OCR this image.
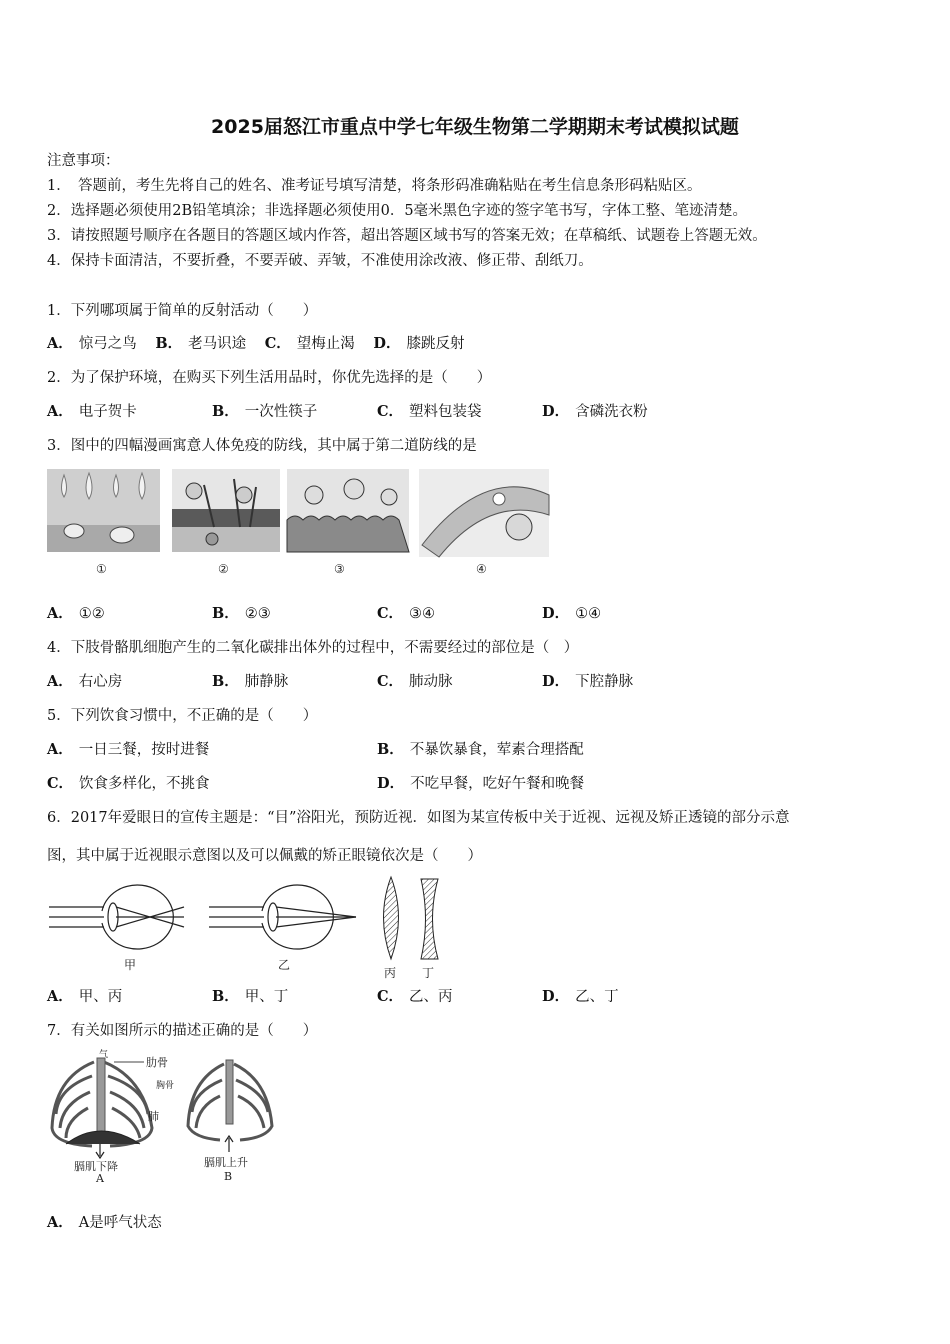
2025届怒江市重点中学七年级生物第二学期期末考试模拟试题
注意事项：
1．　答题前，考生先将自己的姓名、准考证号填写清楚，将条形码准确粘贴在考生信息条形码粘贴区。
2．选择题必须使用2B铅笔填涂；非选择题必须使用0．5毫米黑色字迹的签字笔书写，字体工整、笔迹清楚。
3．请按照题号顺序在各题目的答题区域内作答，超出答题区域书写的答案无效；在草稿纸、试题卷上答题无效。
4．保持卡面清洁，不要折叠，不要弄破、弄皱，不准使用涂改液、修正带、刮纸刀。
1．下列哪项属于简单的反射活动（　　）
A． 惊弓之鸟 B． 老马识途 C． 望梅止渴 D． 膝跳反射
2．为了保护环境，在购买下列生活用品时，你优先选择的是（　　）
A． 电子贺卡	B． 一次性筷子	C． 塑料包装袋	D． 含磷洗衣粉
3．图中的四幅漫画寓意人体免疫的防线，其中属于第二道防线的是
①	②	③	④
A． ①②	B． ②③	C． ③④	D． ①④
4．下肢骨骼肌细胞产生的二氧化碳排出体外的过程中，不需要经过的部位是（　）
A． 右心房	B． 肺静脉	C． 肺动脉	D． 下腔静脉
5．下列饮食习惯中，不正确的是（　　）
A． 一日三餐，按时进餐	B． 不暴饮暴食，荤素合理搭配
C． 饮食多样化，不挑食	D． 不吃早餐，吃好午餐和晚餐
6．2017年爱眼日的宣传主题是：“目”浴阳光，预防近视．如图为某宣传板中关于近视、远视及矫正透镜的部分示意
图，其中属于近视眼示意图以及可以佩戴的矫正眼镜依次是（　　）
甲	乙
丙 丁
A． 甲、丙	B． 甲、丁	C． 乙、丙	D． 乙、丁
7．有关如图所示的描述正确的是（　　）
气
肋骨
肺
膈肌下降
A
膈肌上升
B
胸骨
A． A是呼气状态
